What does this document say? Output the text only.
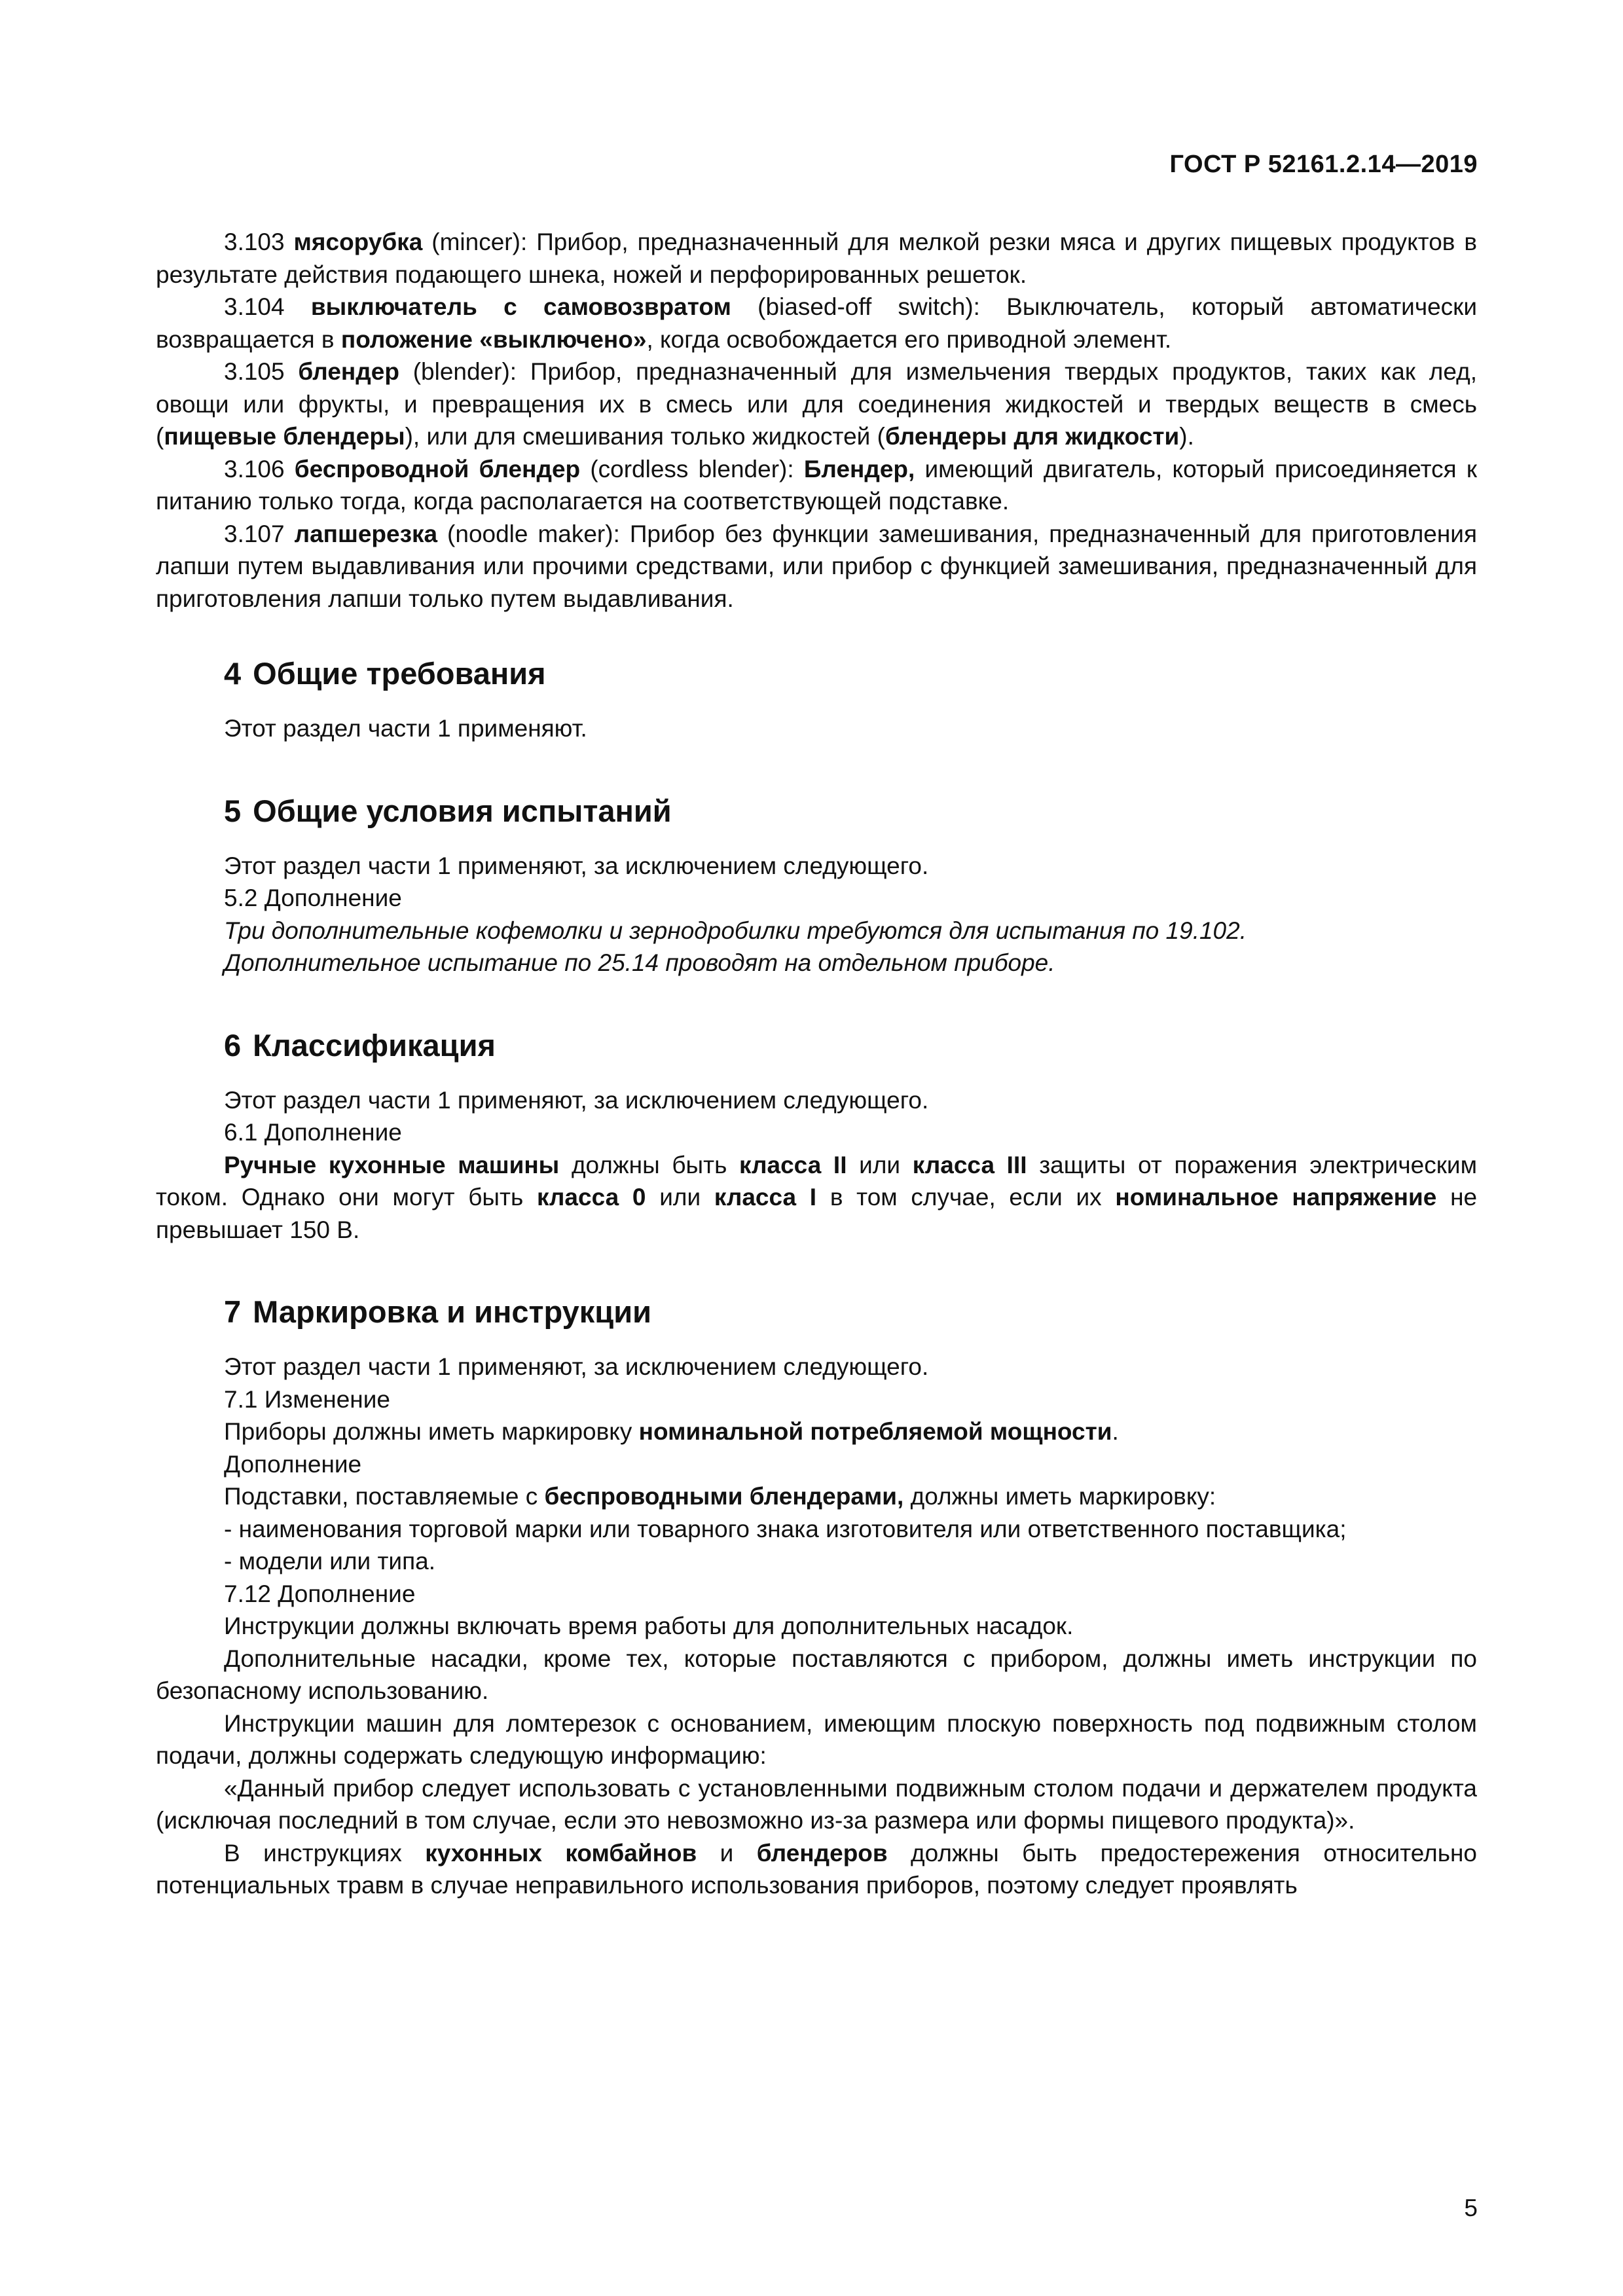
ГОСТ Р 52161.2.14—2019

3.103 мясорубка (mincer): Прибор, предназначенный для мелкой резки мяса и других пищевых продуктов в результате действия подающего шнека, ножей и перфорированных решеток.

3.104 выключатель с самовозвратом (biased-off switch): Выключатель, который автоматически возвращается в положение «выключено», когда освобождается его приводной элемент.

3.105 блендер (blender): Прибор, предназначенный для измельчения твердых продуктов, таких как лед, овощи или фрукты, и превращения их в смесь или для соединения жидкостей и твердых веществ в смесь (пищевые блендеры), или для смешивания только жидкостей (блендеры для жидкости).

3.106 беспроводной блендер (cordless blender): Блендер, имеющий двигатель, который присоединяется к питанию только тогда, когда располагается на соответствующей подставке.

3.107 лапшерезка (noodle maker): Прибор без функции замешивания, предназначенный для приготовления лапши путем выдавливания или прочими средствами, или прибор с функцией замешивания, предназначенный для приготовления лапши только путем выдавливания.

4 Общие требования

Этот раздел части 1 применяют.

5 Общие условия испытаний

Этот раздел части 1 применяют, за исключением следующего.

5.2 Дополнение

Три дополнительные кофемолки и зернодробилки требуются для испытания по 19.102.

Дополнительное испытание по 25.14 проводят на отдельном приборе.

6 Классификация

Этот раздел части 1 применяют, за исключением следующего.

6.1 Дополнение

Ручные кухонные машины должны быть класса II или класса III защиты от поражения электрическим током. Однако они могут быть класса 0 или класса I в том случае, если их номинальное напряжение не превышает 150 В.

7 Маркировка и инструкции

Этот раздел части 1 применяют, за исключением следующего.

7.1 Изменение

Приборы должны иметь маркировку номинальной потребляемой мощности.

Дополнение

Подставки, поставляемые с беспроводными блендерами, должны иметь маркировку:

- наименования торговой марки или товарного знака изготовителя или ответственного поставщика;

- модели или типа.

7.12 Дополнение

Инструкции должны включать время работы для дополнительных насадок.

Дополнительные насадки, кроме тех, которые поставляются с прибором, должны иметь инструкции по безопасному использованию.

Инструкции машин для ломтерезок с основанием, имеющим плоскую поверхность под подвижным столом подачи, должны содержать следующую информацию:

«Данный прибор следует использовать с установленными подвижным столом подачи и держателем продукта (исключая последний в том случае, если это невозможно из-за размера или формы пищевого продукта)».

В инструкциях кухонных комбайнов и блендеров должны быть предостережения относительно потенциальных травм в случае неправильного использования приборов, поэтому следует проявлять

5
